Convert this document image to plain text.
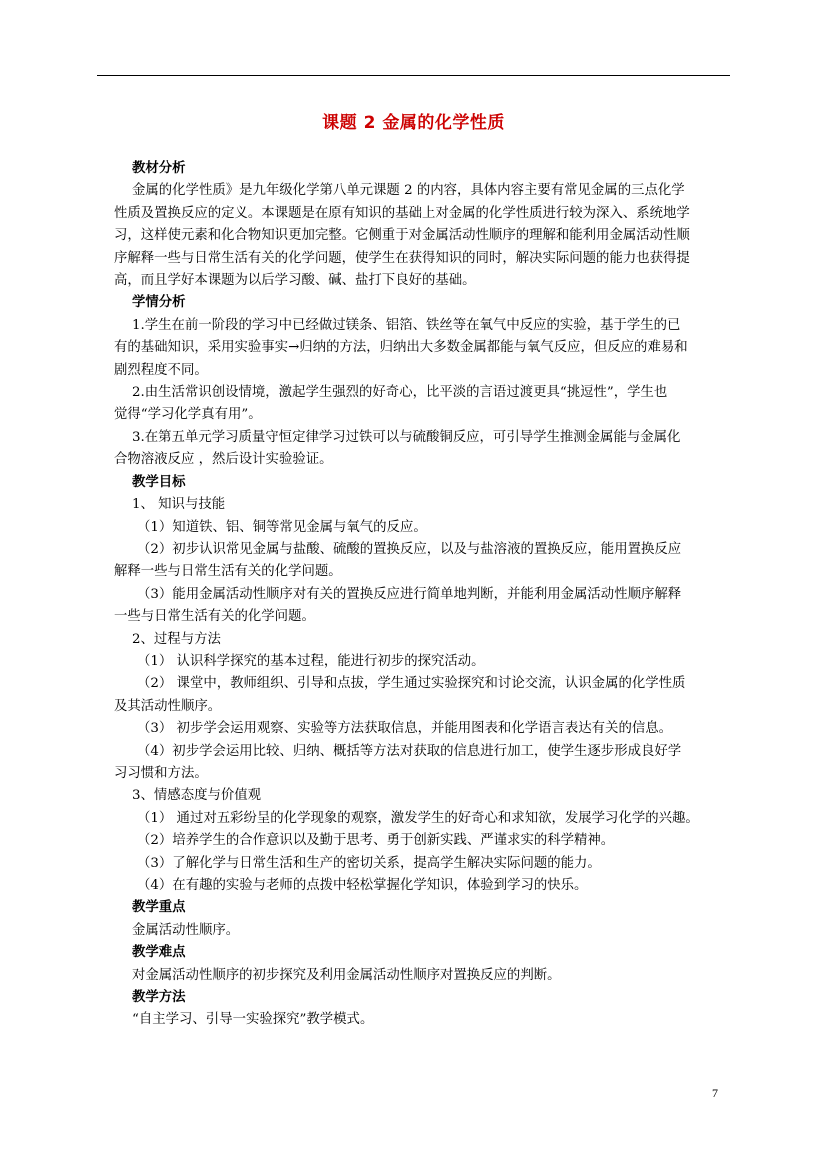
课题 2 金属的化学性质

教材分析

金属的化学性质》是九年级化学第八单元课题 2 的内容，具体内容主要有常见金属的三点化学

性质及置换反应的定义。本课题是在原有知识的基础上对金属的化学性质进行较为深入、系统地学

习，这样使元素和化合物知识更加完整。它侧重于对金属活动性顺序的理解和能利用金属活动性顺

序解释一些与日常生活有关的化学问题，使学生在获得知识的同时，解决实际问题的能力也获得提

高，而且学好本课题为以后学习酸、碱、盐打下良好的基础。

学情分析

1.学生在前一阶段的学习中已经做过镁条、铝箔、铁丝等在氧气中反应的实验，基于学生的已

有的基础知识，采用实验事实→归纳的方法，归纳出大多数金属都能与氧气反应，但反应的难易和

剧烈程度不同。

2.由生活常识创设情境，激起学生强烈的好奇心，比平淡的言语过渡更具“挑逗性”，学生也

觉得“学习化学真有用”。

3.在第五单元学习质量守恒定律学习过铁可以与硫酸铜反应，可引导学生推测金属能与金属化

合物溶液反应 ，然后设计实验验证。

教学目标

1、 知识与技能

（1）知道铁、铝、铜等常见金属与氧气的反应。

（2）初步认识常见金属与盐酸、硫酸的置换反应，以及与盐溶液的置换反应，能用置换反应

解释一些与日常生活有关的化学问题。

（3）能用金属活动性顺序对有关的置换反应进行简单地判断，并能利用金属活动性顺序解释

一些与日常生活有关的化学问题。

2、过程与方法

（1） 认识科学探究的基本过程，能进行初步的探究活动。

（2） 课堂中，教师组织、引导和点拔，学生通过实验探究和讨论交流，认识金属的化学性质

及其活动性顺序。

（3） 初步学会运用观察、实验等方法获取信息，并能用图表和化学语言表达有关的信息。

（4）初步学会运用比较、归纳、概括等方法对获取的信息进行加工，使学生逐步形成良好学

习习惯和方法。

3、情感态度与价值观

（1） 通过对五彩纷呈的化学现象的观察，激发学生的好奇心和求知欲，发展学习化学的兴趣。

（2）培养学生的合作意识以及勤于思考、勇于创新实践、严谨求实的科学精神。

（3）了解化学与日常生活和生产的密切关系，提高学生解决实际问题的能力。

（4）在有趣的实验与老师的点拨中轻松掌握化学知识，体验到学习的快乐。

教学重点

金属活动性顺序。

教学难点

对金属活动性顺序的初步探究及利用金属活动性顺序对置换反应的判断。

教学方法

“自主学习、引导一实验探究”教学模式。

7
